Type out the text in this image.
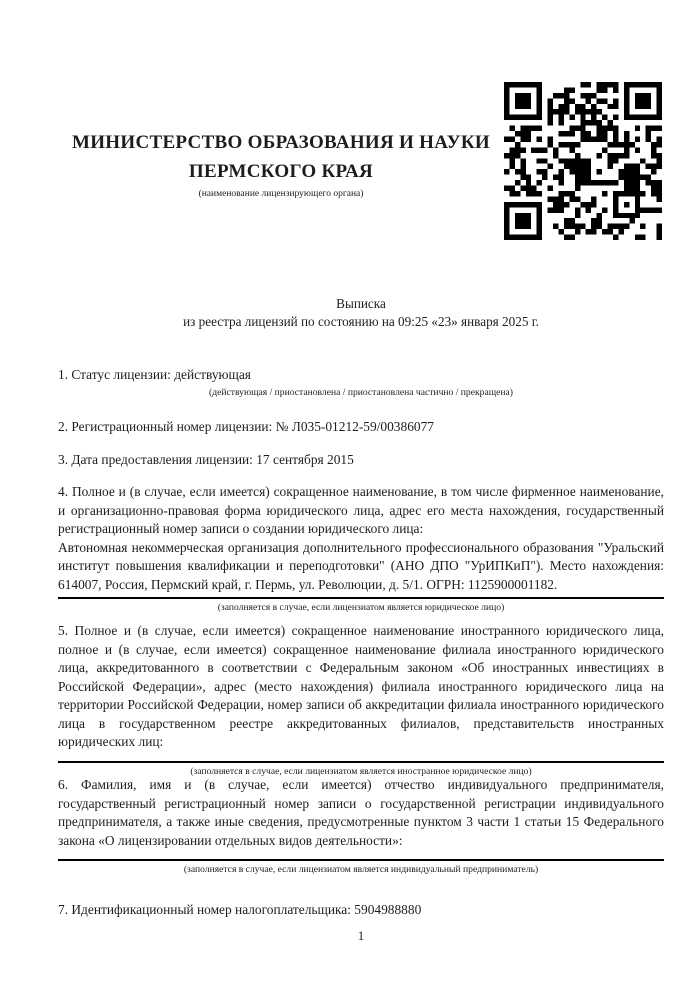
МИНИСТЕРСТВО ОБРАЗОВАНИЯ И НАУКИ
ПЕРМСКОГО КРАЯ
(наименование лицензирующего органа)
Выписка
из реестра лицензий по состоянию на 09:25 «23» января 2025 г.
1. Статус лицензии: действующая
(действующая / приостановлена / приостановлена частично / прекращена)
2. Регистрационный номер лицензии: № Л035-01212-59/00386077
3. Дата предоставления лицензии: 17 сентября 2015

4. Полное и (в случае, если имеется) сокращенное наименование, в том числе фирменное наименование, и организационно-правовая форма юридического лица, адрес его места нахождения, государственный регистрационный номер записи о создании юридического лица:

Автономная некоммерческая организация дополнительного профессионального образования "Уральский институт повышения квалификации и переподготовки" (АНО ДПО "УрИПКиП"). Место нахождения: 614007, Россия, Пермский край, г. Пермь, ул. Революции, д. 5/1. ОГРН: 1125900001182.

(заполняется в случае, если лицензиатом является юридическое лицо)

5. Полное и (в случае, если имеется) сокращенное наименование иностранного юридического лица, полное и (в случае, если имеется) сокращенное наименование филиала иностранного юридического лица, аккредитованного в соответствии с Федеральным законом «Об иностранных инвестициях в Российской Федерации», адрес (место нахождения) филиала иностранного юридического лица на территории Российской Федерации, номер записи об аккредитации филиала иностранного юридического лица в государственном реестре аккредитованных филиалов, представительств иностранных юридических лиц:

(заполняется в случае, если лицензиатом является иностранное юридическое лицо)

6. Фамилия, имя и (в случае, если имеется) отчество индивидуального предпринимателя, государственный регистрационный номер записи о государственной регистрации индивидуального предпринимателя, а также иные сведения, предусмотренные пунктом 3 части 1 статьи 15 Федерального закона «О лицензировании отдельных видов деятельности»:

(заполняется в случае, если лицензиатом является индивидуальный предприниматель)
7. Идентификационный номер налогоплательщика: 5904988880
1
